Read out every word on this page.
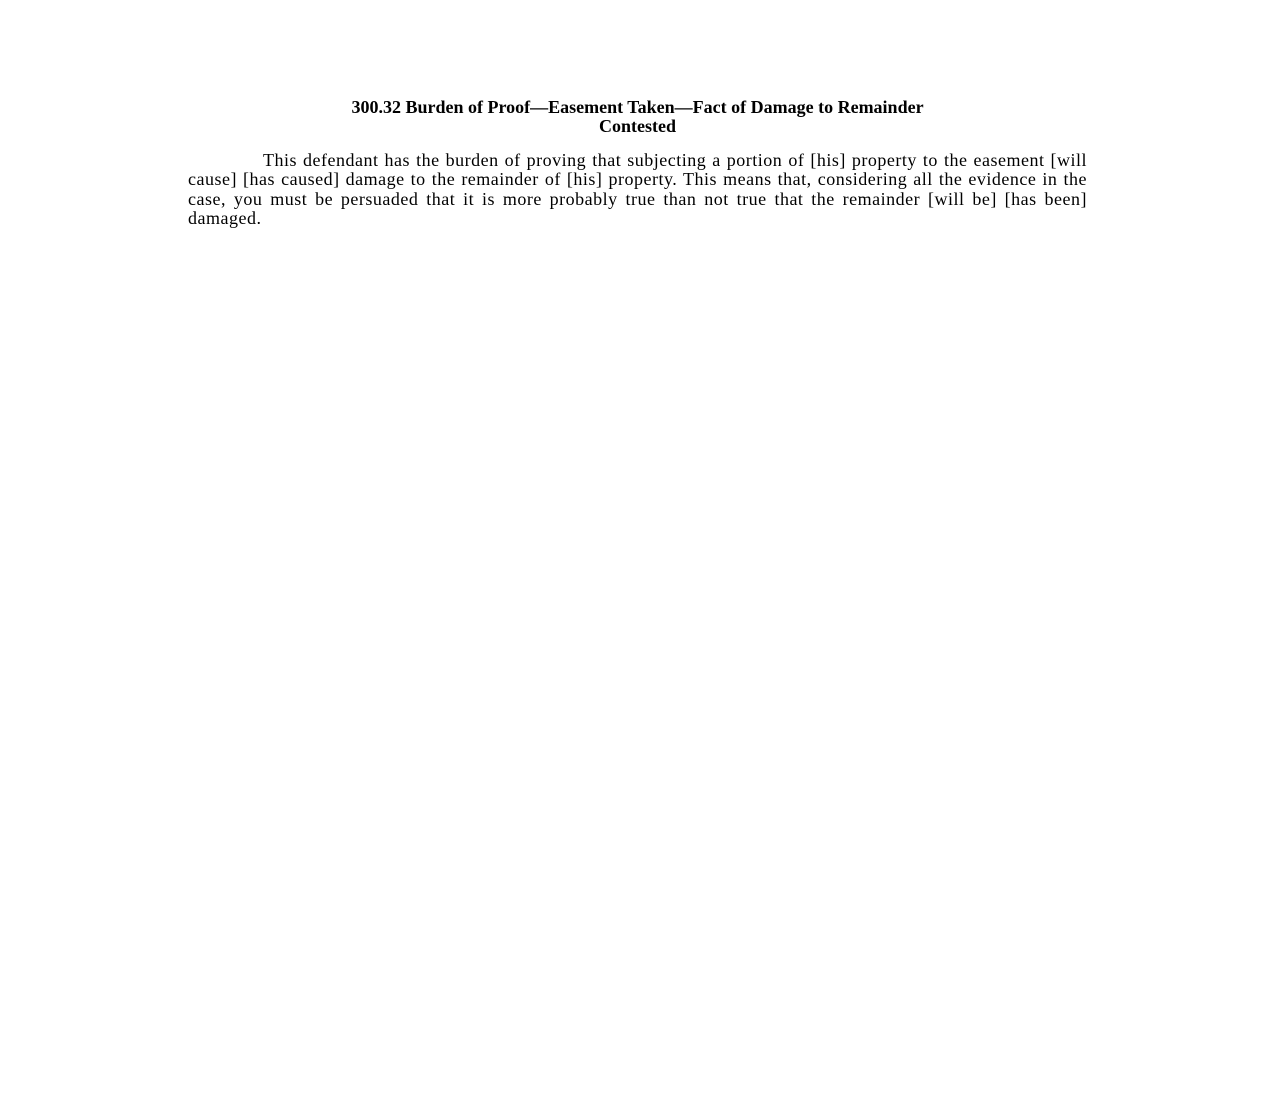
300.32 Burden of Proof—Easement Taken—Fact of Damage to Remainder
Contested

This defendant has the burden of proving that subjecting a portion of [his] property to the easement [will cause] [has caused] damage to the remainder of [his] property. This means that, considering all the evidence in the case, you must be persuaded that it is more probably true than not true that the remainder [will be] [has been] damaged.
